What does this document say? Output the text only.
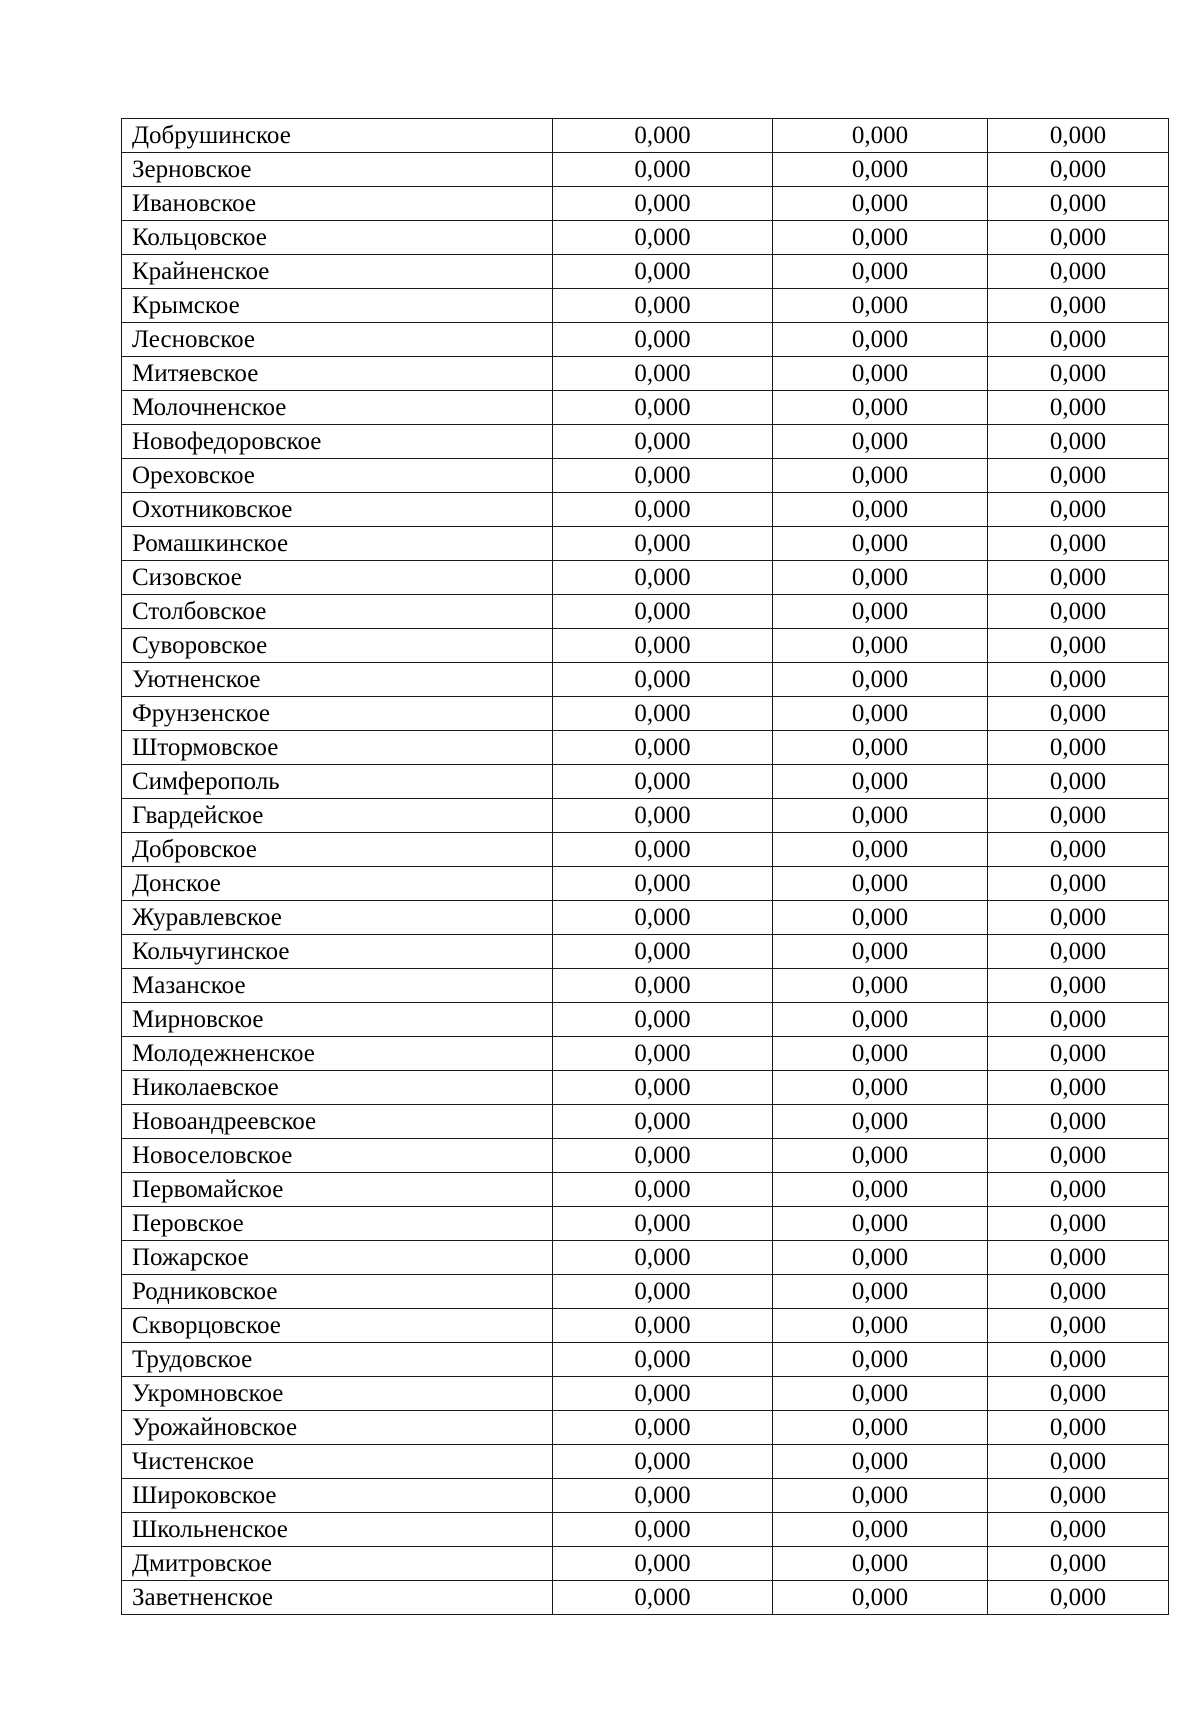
Добрушинское	0,000	0,000	0,000
Зерновское	0,000	0,000	0,000
Ивановское	0,000	0,000	0,000
Кольцовское	0,000	0,000	0,000
Крайненское	0,000	0,000	0,000
Крымское	0,000	0,000	0,000
Лесновское	0,000	0,000	0,000
Митяевское	0,000	0,000	0,000
Молочненское	0,000	0,000	0,000
Новофедоровское	0,000	0,000	0,000
Ореховское	0,000	0,000	0,000
Охотниковское	0,000	0,000	0,000
Ромашкинское	0,000	0,000	0,000
Сизовское	0,000	0,000	0,000
Столбовское	0,000	0,000	0,000
Суворовское	0,000	0,000	0,000
Уютненское	0,000	0,000	0,000
Фрунзенское	0,000	0,000	0,000
Штормовское	0,000	0,000	0,000
Симферополь	0,000	0,000	0,000
Гвардейское	0,000	0,000	0,000
Добровское	0,000	0,000	0,000
Донское	0,000	0,000	0,000
Журавлевское	0,000	0,000	0,000
Кольчугинское	0,000	0,000	0,000
Мазанское	0,000	0,000	0,000
Мирновское	0,000	0,000	0,000
Молодежненское	0,000	0,000	0,000
Николаевское	0,000	0,000	0,000
Новоандреевское	0,000	0,000	0,000
Новоселовское	0,000	0,000	0,000
Первомайское	0,000	0,000	0,000
Перовское	0,000	0,000	0,000
Пожарское	0,000	0,000	0,000
Родниковское	0,000	0,000	0,000
Скворцовское	0,000	0,000	0,000
Трудовское	0,000	0,000	0,000
Укромновское	0,000	0,000	0,000
Урожайновское	0,000	0,000	0,000
Чистенское	0,000	0,000	0,000
Широковское	0,000	0,000	0,000
Школьненское	0,000	0,000	0,000
Дмитровское	0,000	0,000	0,000
Заветненское	0,000	0,000	0,000
